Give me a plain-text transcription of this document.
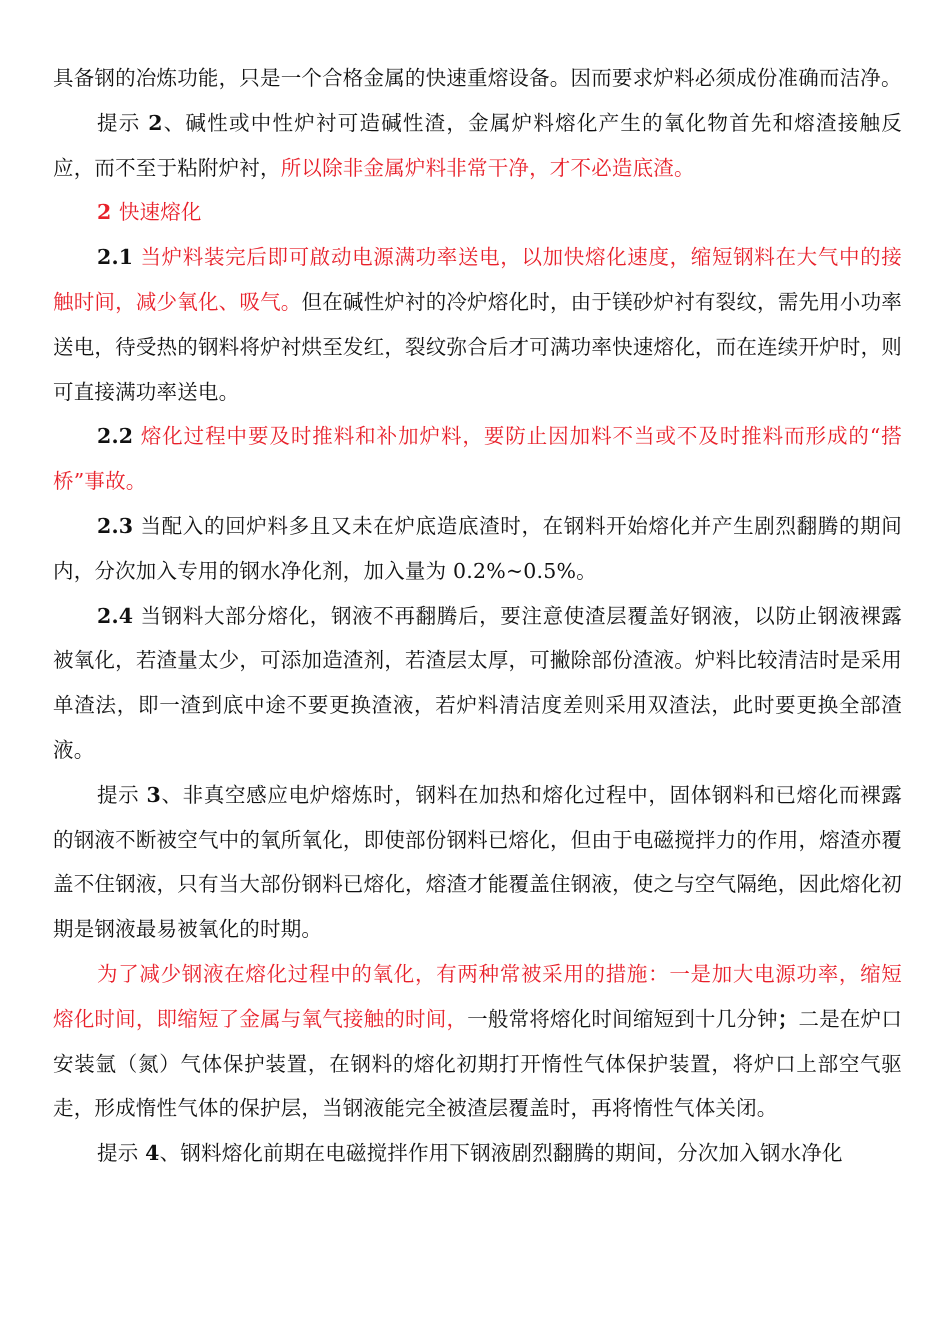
具备钢的冶炼功能，只是一个合格金属的快速重熔设备。因而要求炉料必须成份准确而洁净。

提示 2、碱性或中性炉衬可造碱性渣，金属炉料熔化产生的氧化物首先和熔渣接触反应，而不至于粘附炉衬，所以除非金属炉料非常干净，才不必造底渣。

2 快速熔化

2.1 当炉料装完后即可啟动电源满功率送电，以加快熔化速度，缩短钢料在大气中的接触时间，减少氧化、吸气。但在碱性炉衬的冷炉熔化时，由于镁砂炉衬有裂纹，需先用小功率送电，待受热的钢料将炉衬烘至发红，裂纹弥合后才可满功率快速熔化，而在连续开炉时，则可直接满功率送电。

2.2 熔化过程中要及时推料和补加炉料，要防止因加料不当或不及时推料而形成的“搭桥”事故。

2.3 当配入的回炉料多且又未在炉底造底渣时，在钢料开始熔化并产生剧烈翻腾的期间内，分次加入专用的钢水净化剂，加入量为 0.2%~0.5%。

2.4 当钢料大部分熔化，钢液不再翻腾后，要注意使渣层覆盖好钢液，以防止钢液裸露被氧化，若渣量太少，可添加造渣剂，若渣层太厚，可撇除部份渣液。炉料比较清洁时是采用单渣法，即一渣到底中途不要更换渣液，若炉料清洁度差则采用双渣法，此时要更换全部渣液。

提示 3、非真空感应电炉熔炼时，钢料在加热和熔化过程中，固体钢料和已熔化而裸露的钢液不断被空气中的氧所氧化，即使部份钢料已熔化，但由于电磁搅拌力的作用，熔渣亦覆盖不住钢液，只有当大部份钢料已熔化，熔渣才能覆盖住钢液，使之与空气隔绝，因此熔化初期是钢液最易被氧化的时期。

为了减少钢液在熔化过程中的氧化，有两种常被采用的措施：一是加大电源功率，缩短熔化时间，即缩短了金属与氧气接触的时间，一般常将熔化时间缩短到十几分钟；二是在炉口安装氩（氮）气体保护装置，在钢料的熔化初期打开惰性气体保护装置，将炉口上部空气驱走，形成惰性气体的保护层，当钢液能完全被渣层覆盖时，再将惰性气体关闭。

提示 4、钢料熔化前期在电磁搅拌作用下钢液剧烈翻腾的期间，分次加入钢水净化
